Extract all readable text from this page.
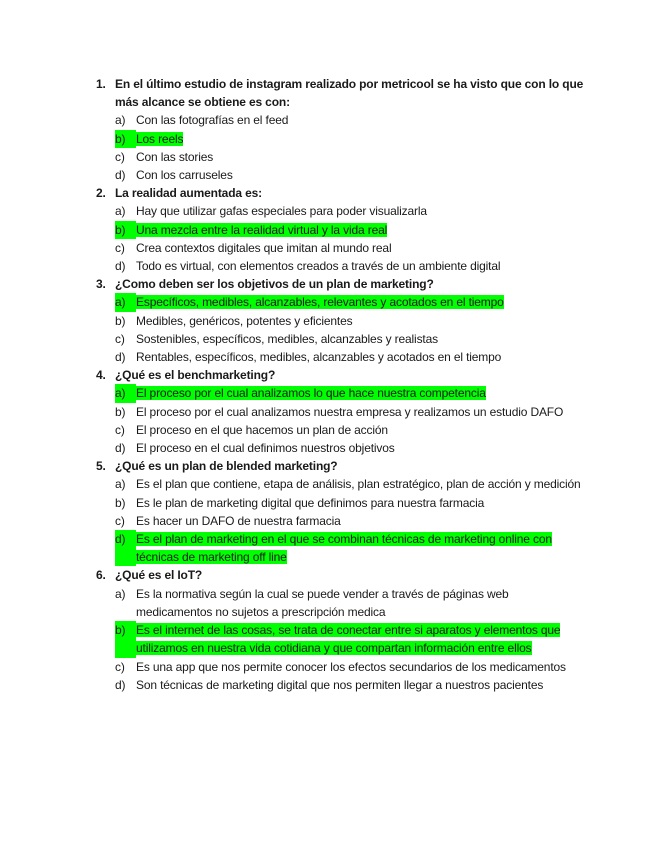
1. En el último estudio de instagram realizado por metricool se ha visto que con lo que más alcance se obtiene es con:
a) Con las fotografías en el feed
b) Los reels
c) Con las stories
d) Con los carruseles
2. La realidad aumentada es:
a) Hay que utilizar gafas especiales para poder visualizarla
b) Una mezcla entre la realidad virtual y la vida real
c) Crea contextos digitales que imitan al mundo real
d) Todo es virtual, con elementos creados a través de un ambiente digital
3. ¿Como deben ser los objetivos de un plan de marketing?
a) Específicos, medibles, alcanzables, relevantes y acotados en el tiempo
b) Medibles, genéricos, potentes y eficientes
c) Sostenibles, específicos, medibles, alcanzables y realistas
d) Rentables, específicos, medibles, alcanzables y acotados en el tiempo
4. ¿Qué es el benchmarketing?
a) El proceso por el cual analizamos lo que hace nuestra competencia
b) El proceso por el cual analizamos nuestra empresa y realizamos un estudio DAFO
c) El proceso en el que hacemos un plan de acción
d) El proceso en el cual definimos nuestros objetivos
5. ¿Qué es un plan de blended marketing?
a) Es el plan que contiene, etapa de análisis, plan estratégico, plan de acción y medición
b) Es le plan de marketing digital que definimos para nuestra farmacia
c) Es hacer un DAFO de nuestra farmacia
d) Es el plan de marketing en el que se combinan técnicas de marketing online con técnicas de marketing off line
6. ¿Qué es el IoT?
a) Es la normativa según la cual se puede vender a través de páginas web medicamentos no sujetos a prescripción medica
b) Es el internet de las cosas, se trata de conectar entre si aparatos y elementos que utilizamos en nuestra vida cotidiana y que compartan información entre ellos
c) Es una app que nos permite conocer los efectos secundarios de los medicamentos
d) Son técnicas de marketing digital que nos permiten llegar a nuestros pacientes
